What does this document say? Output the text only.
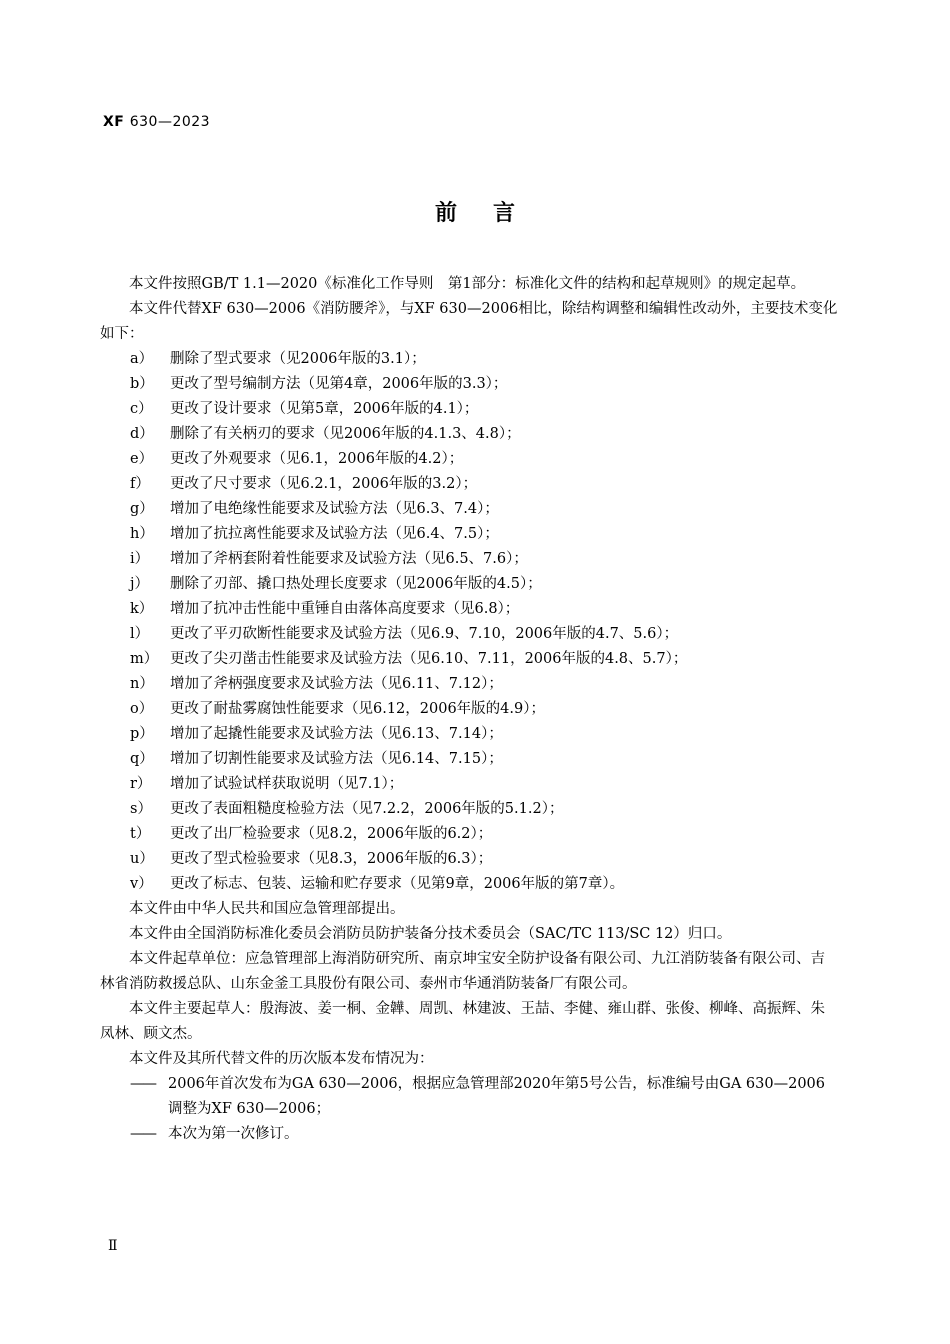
XF 630—2023
前言

本文件按照GB/T 1.1—2020《标准化工作导则　第1部分：标准化文件的结构和起草规则》的规定起草。

本文件代替XF 630—2006《消防腰斧》，与XF 630—2006相比，除结构调整和编辑性改动外，主要技术变化如下：

a）	删除了型式要求（见2006年版的3.1）；
b）	更改了型号编制方法（见第4章，2006年版的3.3）；
c）	更改了设计要求（见第5章，2006年版的4.1）；
d）	删除了有关柄刃的要求（见2006年版的4.1.3、4.8）；
e）	更改了外观要求（见6.1，2006年版的4.2）；
f）	更改了尺寸要求（见6.2.1，2006年版的3.2）；
g）	增加了电绝缘性能要求及试验方法（见6.3、7.4）；
h）	增加了抗拉离性能要求及试验方法（见6.4、7.5）；
i）	增加了斧柄套附着性能要求及试验方法（见6.5、7.6）；
j）	删除了刃部、撬口热处理长度要求（见2006年版的4.5）；
k）	增加了抗冲击性能中重锤自由落体高度要求（见6.8）；
l）	更改了平刃砍断性能要求及试验方法（见6.9、7.10，2006年版的4.7、5.6）；
m） 更改了尖刃凿击性能要求及试验方法（见6.10、7.11，2006年版的4.8、5.7）；
n）	增加了斧柄强度要求及试验方法（见6.11、7.12）；
o）	更改了耐盐雾腐蚀性能要求（见6.12，2006年版的4.9）；
p）	增加了起撬性能要求及试验方法（见6.13、7.14）；
q）	增加了切割性能要求及试验方法（见6.14、7.15）；
r）	增加了试验试样获取说明（见7.1）；
s）	更改了表面粗糙度检验方法（见7.2.2，2006年版的5.1.2）；
t）	更改了出厂检验要求（见8.2，2006年版的6.2）；
u）	更改了型式检验要求（见8.3，2006年版的6.3）；
v）	更改了标志、包装、运输和贮存要求（见第9章，2006年版的第7章）。

本文件由中华人民共和国应急管理部提出。

本文件由全国消防标准化委员会消防员防护装备分技术委员会（SAC/TC 113/SC 12）归口。

本文件起草单位：应急管理部上海消防研究所、南京坤宝安全防护设备有限公司、九江消防装备有限公司、吉林省消防救援总队、山东金釜工具股份有限公司、泰州市华通消防装备厂有限公司。

本文件主要起草人：殷海波、姜一桐、金韡、周凯、林建波、王喆、李健、雍山群、张俊、柳峰、高振辉、朱凤林、顾文杰。

本文件及其所代替文件的历次版本发布情况为：

—— 2006年首次发布为GA 630—2006，根据应急管理部2020年第5号公告，标准编号由GA 630—2006调整为XF 630—2006；
—— 本次为第一次修订。
Ⅱ
